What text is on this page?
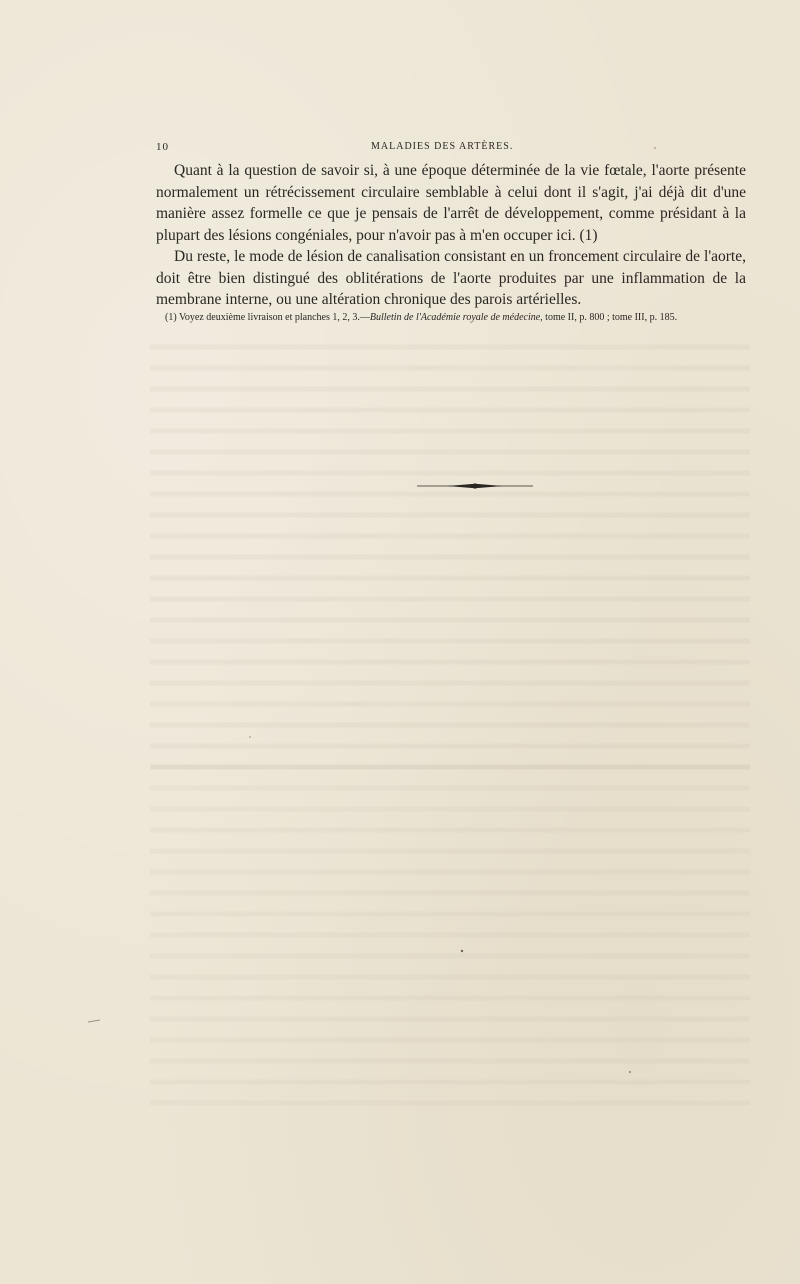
10	MALADIES DES ARTÈRES.

Quant à la question de savoir si, à une époque déterminée de la vie fœtale, l'aorte présente normalement un rétrécissement circulaire semblable à celui dont il s'agit, j'ai déjà dit d'une manière assez formelle ce que je pensais de l'arrêt de développement, comme présidant à la plupart des lésions congéniales, pour n'avoir pas à m'en occuper ici. (1)

Du reste, le mode de lésion de canalisation consistant en un froncement circulaire de l'aorte, doit être bien distingué des oblitérations de l'aorte produites par une inflammation de la membrane interne, ou une altération chronique des parois artérielles.

(1) Voyez deuxième livraison et planches 1, 2, 3.—Bulletin de l'Académie royale de médecine, tome II, p. 800 ; tome III, p. 185.
